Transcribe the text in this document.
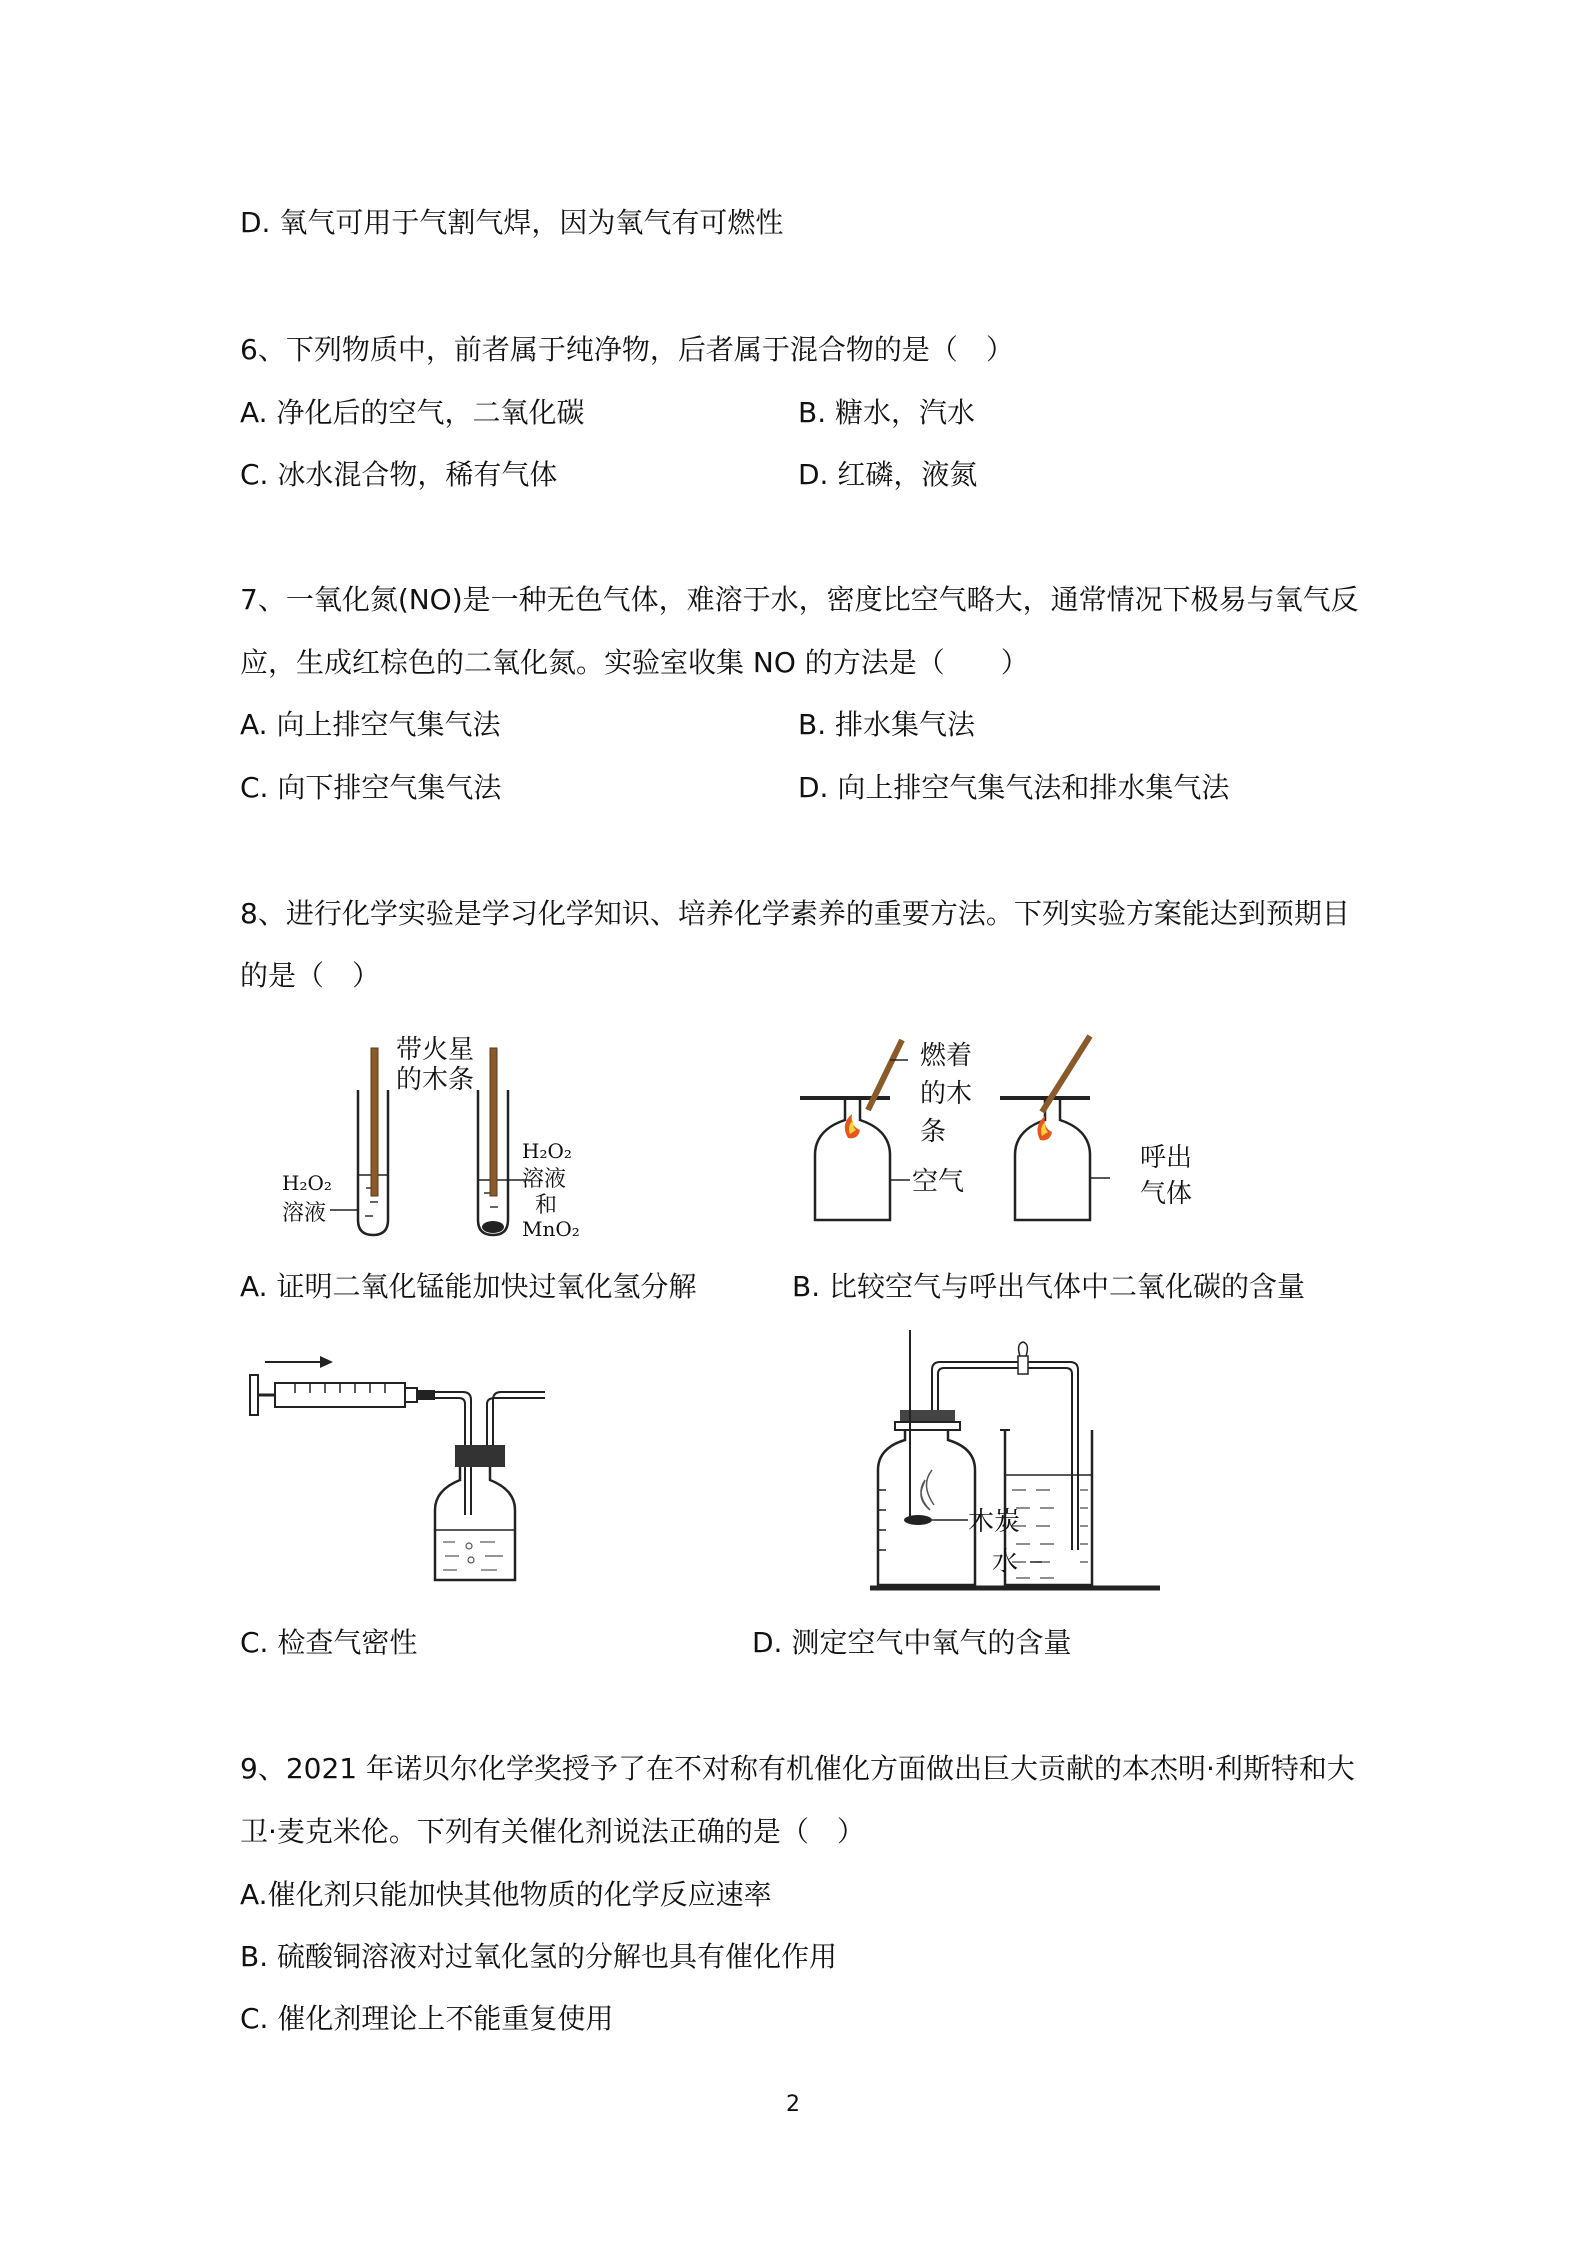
D. 氧气可用于气割气焊，因为氧气有可燃性
6、下列物质中，前者属于纯净物，后者属于混合物的是（　）
A. 净化后的空气，二氧化碳	B. 糖水，汽水
C. 冰水混合物，稀有气体	D. 红磷，液氮
7、一氧化氮(NO)是一种无色气体，难溶于水，密度比空气略大，通常情况下极易与氧气反
应，生成红棕色的二氧化氮。实验室收集 NO 的方法是（　　）
A. 向上排空气集气法	B. 排水集气法
C. 向下排空气集气法	D. 向上排空气集气法和排水集气法
8、进行化学实验是学习化学知识、培养化学素养的重要方法。下列实验方案能达到预期目
的是（　）
带火星
的木条
H₂O₂
溶液
H₂O₂
溶液
和
MnO₂
燃着
的木
条
空气
呼出
气体
A. 证明二氧化锰能加快过氧化氢分解	B. 比较空气与呼出气体中二氧化碳的含量
木炭
水
C. 检查气密性	D. 测定空气中氧气的含量
9、2021 年诺贝尔化学奖授予了在不对称有机催化方面做出巨大贡献的本杰明·利斯特和大
卫·麦克米伦。下列有关催化剂说法正确的是（　）
A.催化剂只能加快其他物质的化学反应速率
B. 硫酸铜溶液对过氧化氢的分解也具有催化作用
C. 催化剂理论上不能重复使用
2
